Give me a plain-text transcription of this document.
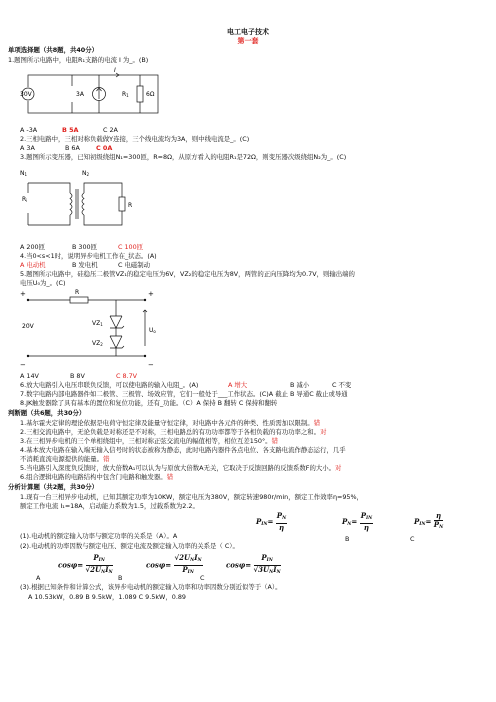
电工电子技术
第一套
单项选择题（共8题，共40分）
1.题图所示电路中，电阻R₁支路的电流 I 为_。(B)
I
30V	3A	R1	6Ω
A -3A	B 5A	C 2A
2.三相电路中，三相对称负载做Y连接，三个线电流均为3A，则中线电流是_。(C)
A 3A	B 6A	C 0A
3.题图所示变压器，已知初级绕组N₁=300匝，R=8Ω，从原方看入的电阻R₁是72Ω，则变压器次级绕组N₂为_。(C)
Ri
N1	N2
R
A 200匝	B 300匝	C 100匝
4.当0<s<1时，说明异步电机工作在_状态。(A)
A 电动机	B 发电机	C 电磁制动
5.题图所示电路中，硅稳压二极管VZ₁的稳定电压为6V，VZ₂的稳定电压为8V，两管的正向压降均为0.7V，则输出端的
电压U₀为_。(C)
+
−
+
−
R
20V	VZ1
VZ2
Uo
A 14V	B 8V	C 8.7V
6.放大电路引入电压串联负反馈，可以使电路的输入电阻_。(A)	A 增大	B 减小	C 不变
7.数字电路内部电路器件如二极管、三极管、场效应管，它们一般处于___工作状态。(C)A 截止 B 导通C 截止或导通
8.JK触发器除了具有基本的置位和复位功能，还有_功能。（C）A 保持 B 翻转 C 保持和翻转
判断题（共6题，共30分）
1.基尔霍夫定律的理论依据是电荷守恒定律及能量守恒定律，对电路中各元件的种类、性质需加以限制。错
2.三相交流电路中，无论负载是对称还是不对称，三相电路总的有功功率都等于各相负载的有功功率之和。对
3.在三相异步电机的三个单相绕组中，三相对称正弦交流电的幅值相等，相位互差150°。错
4.基本放大电路在输入端无输入信号时的状态被称为静态，此时电路内器件各点电位、各支路电流作静态运行，几乎
不消耗直流电源提供的能量。错
5.当电路引入深度负反馈时，放大倍数A₁可以认为与原放大倍数A无关，它取决于反馈回路的反馈系数F的大小。对
6.组合逻辑电路的电路结构中包含门电路和触发器。错
分析计算题（共2题，共30分）
1.现有一台三相异步电动机，已知其额定功率为10KW，额定电压为380V，额定转速980r/min，额定工作效率η=95%，
额定工作电流 I₁=18A，启动能力系数为1.5，过载系数为2.2。
$P_{IN}= \frac{P_N}{\eta}$	$P_N= \frac{P_{IN}}{\eta}$	$P_{IN}= \frac{\eta}{P_N}$
(1).电动机的额定输入功率与额定功率的关系是（A）。A	B	C
(2).电动机的功率因数与额定电压、额定电流及额定输入功率的关系是（ C）。
$\cos\varphi= \frac{P_{IN}}{√2U_NI_N}$	$\cos\varphi= \frac{√2U_NI_N}{P_{IN}}$	$\cos\varphi= \frac{P_{IN}}{√3U_NI_N}$
A	B	C
(3).根据已知条件和计算公式，该异步电动机的额定输入功率和功率因数分别近似等于（A）。
A 10.53kW，0.89 B 9.5kW，1.089 C 9.5kW，0.89
